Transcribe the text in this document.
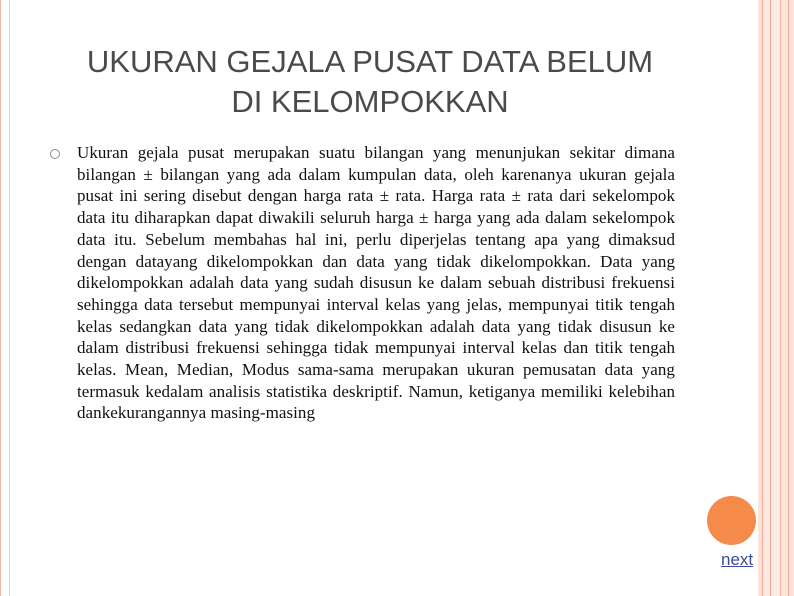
UKURAN GEJALA PUSAT DATA BELUM
DI KELOMPOKKAN
Ukuran gejala pusat merupakan suatu bilangan yang menunjukan sekitar dimana bilangan ± bilangan yang ada dalam kumpulan data, oleh karenanya ukuran gejala pusat ini sering disebut dengan harga rata ± rata. Harga rata ± rata dari sekelompok data itu diharapkan dapat diwakili seluruh harga ± harga yang ada dalam sekelompok data itu. Sebelum membahas hal ini, perlu diperjelas tentang apa yang dimaksud dengan datayang dikelompokkan dan data yang tidak dikelompokkan. Data yang dikelompokkan adalah data yang sudah disusun ke dalam sebuah distribusi frekuensi sehingga data tersebut mempunyai interval kelas yang jelas, mempunyai titik tengah kelas sedangkan data yang tidak dikelompokkan adalah data yang tidak disusun ke dalam distribusi frekuensi sehingga tidak mempunyai interval kelas dan titik tengah kelas. Mean, Median, Modus sama-sama merupakan ukuran pemusatan data yang termasuk kedalam analisis statistika deskriptif. Namun, ketiganya memiliki kelebihan dankekurangannya masing-masing
next
